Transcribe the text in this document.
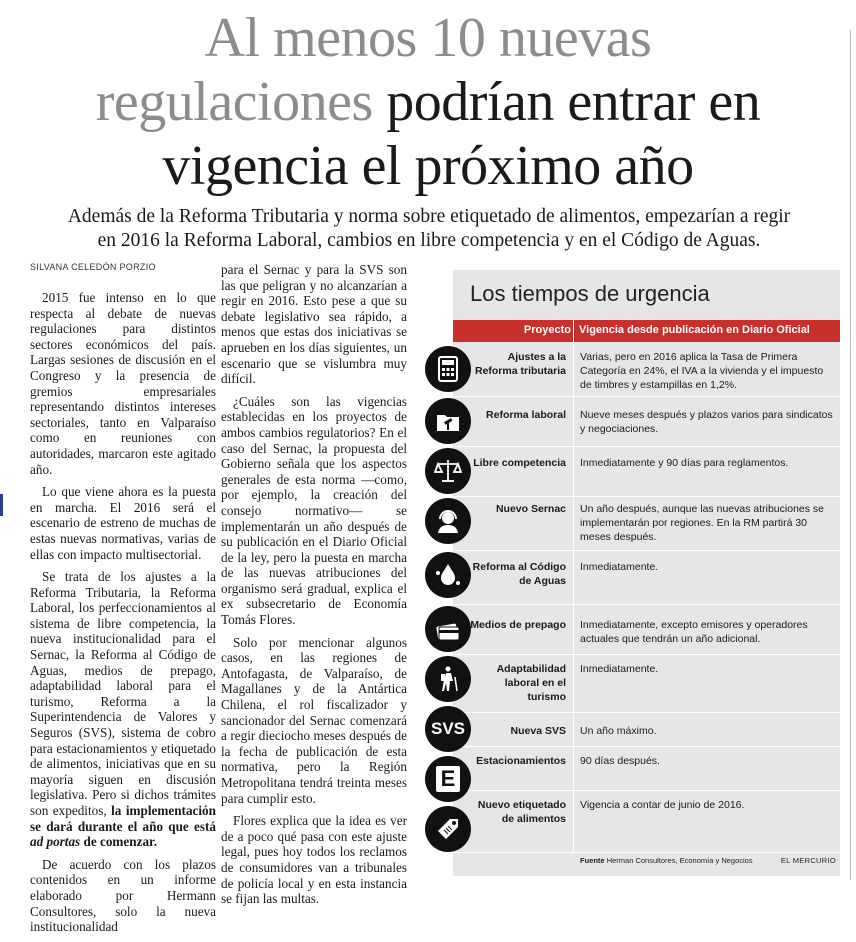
Al menos 10 nuevas
regulaciones podrían entrar en
vigencia el próximo año
Además de la Reforma Tributaria y norma sobre etiquetado de alimentos, empezarían a regir
en 2016 la Reforma Laboral, cambios en libre competencia y en el Código de Aguas.
SILVANA CELEDÓN PORZIO

2015 fue intenso en lo que respecta al debate de nuevas regulaciones para distintos sectores económicos del país. Largas sesiones de discusión en el Congreso y la presencia de gremios empresariales representando distintos intereses sectoriales, tanto en Valparaíso como en reuniones con autoridades, marcaron este agitado año.

Lo que viene ahora es la puesta en marcha. El 2016 será el escenario de estreno de muchas de estas nuevas normativas, varias de ellas con impacto multisectorial.

Se trata de los ajustes a la Reforma Tributaria, la Reforma Laboral, los perfeccionamientos al sistema de libre competencia, la nueva institucionalidad para el Sernac, la Reforma al Código de Aguas, medios de prepago, adaptabilidad laboral para el turismo, Reforma a la Superintendencia de Valores y Seguros (SVS), sistema de cobro para estacionamientos y etiquetado de alimentos, iniciativas que en su mayoría siguen en discusión legislativa. Pero si dichos trámites son expeditos, la implementación se dará durante el año que está ad portas de comenzar.

De acuerdo con los plazos contenidos en un informe elaborado por Hermann Consultores, solo la nueva institucionalidad

para el Sernac y para la SVS son las que peligran y no alcanzarían a regir en 2016. Esto pese a que su debate legislativo sea rápido, a menos que estas dos iniciativas se aprueben en los días siguientes, un escenario que se vislumbra muy difícil.

¿Cuáles son las vigencias establecidas en los proyectos de ambos cambios regulatorios? En el caso del Sernac, la propuesta del Gobierno señala que los aspectos generales de esta norma —como, por ejemplo, la creación del consejo normativo— se implementarán un año después de su publicación en el Diario Oficial de la ley, pero la puesta en marcha de las nuevas atribuciones del organismo será gradual, explica el ex subsecretario de Economía Tomás Flores.

Solo por mencionar algunos casos, en las regiones de Antofagasta, de Valparaíso, de Magallanes y de la Antártica Chilena, el rol fiscalizador y sancionador del Sernac comenzará a regir dieciocho meses después de la fecha de publicación de esta normativa, pero la Región Metropolitana tendrá treinta meses para cumplir esto.

Flores explica que la idea es ver de a poco qué pasa con este ajuste legal, pues hoy todos los reclamos de consumidores van a tribunales de policía local y en esta instancia se fijan las multas.

Los tiempos de urgencia
Proyecto Vigencia desde publicación en Diario Oficial
Ajustes a la Reforma tributaria
Varias, pero en 2016 aplica la Tasa de Primera Categoría en 24%, el IVA a la vivienda y el impuesto de timbres y estampillas en 1,2%.
Reforma laboral Nueve meses después y plazos varios para sindicatos y negociaciones.
Libre competencia Inmediatamente y 90 días para reglamentos.
Nuevo Sernac Un año después, aunque las nuevas atribuciones se implementarán por regiones. En la RM partirá 30 meses después.
Reforma al Código de Aguas
Inmediatamente.
Medios de prepago Inmediatamente, excepto emisores y operadores actuales que tendrán un año adicional.
Adaptabilidad laboral en el turismo
Inmediatamente.
SVS	Nueva SVS Un año máximo.
E
Estacionamientos 90 días después.
Nuevo etiquetado de alimentos
Vigencia a contar de junio de 2016.
Fuente Herman Consultores, Economía y Negocios	EL MERCURIO
